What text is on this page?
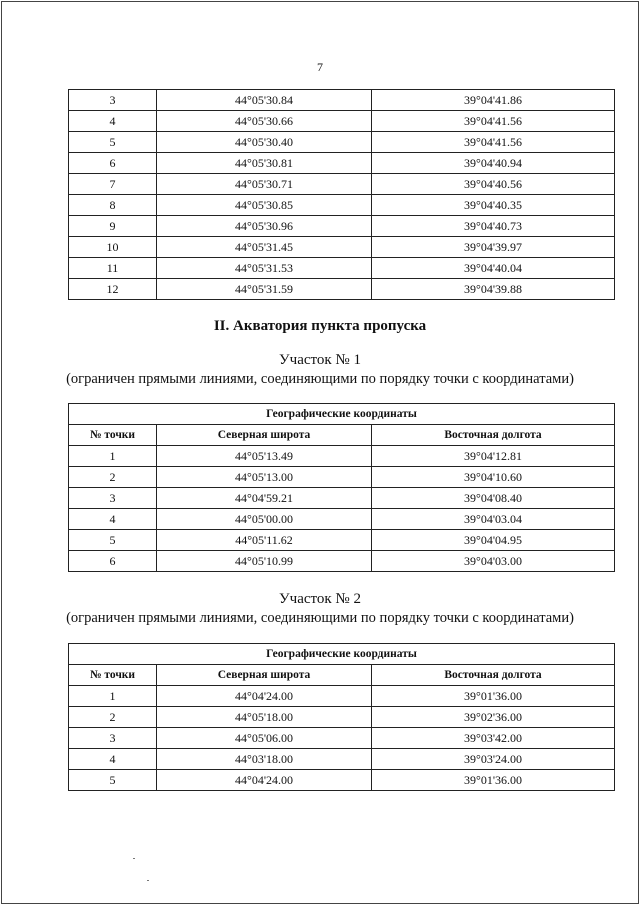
7
3	44°05'30.84	39°04'41.86
4	44°05'30.66	39°04'41.56
5	44°05'30.40	39°04'41.56
6	44°05'30.81	39°04'40.94
7	44°05'30.71	39°04'40.56
8	44°05'30.85	39°04'40.35
9	44°05'30.96	39°04'40.73
10	44°05'31.45	39°04'39.97
11	44°05'31.53	39°04'40.04
12	44°05'31.59	39°04'39.88
II. Акватория пункта пропуска
Участок № 1
(ограничен прямыми линиями, соединяющими по порядку точки с координатами)
Географические координаты		
№ точки	Северная широта	Восточная долгота
1	44°05'13.49	39°04'12.81
2	44°05'13.00	39°04'10.60
3	44°04'59.21	39°04'08.40
4	44°05'00.00	39°04'03.04
5	44°05'11.62	39°04'04.95
6	44°05'10.99	39°04'03.00
Участок № 2
(ограничен прямыми линиями, соединяющими по порядку точки с координатами)
Географические координаты		
№ точки	Северная широта	Восточная долгота
1	44°04'24.00	39°01'36.00
2	44°05'18.00	39°02'36.00
3	44°05'06.00	39°03'42.00
4	44°03'18.00	39°03'24.00
5	44°04'24.00	39°01'36.00
